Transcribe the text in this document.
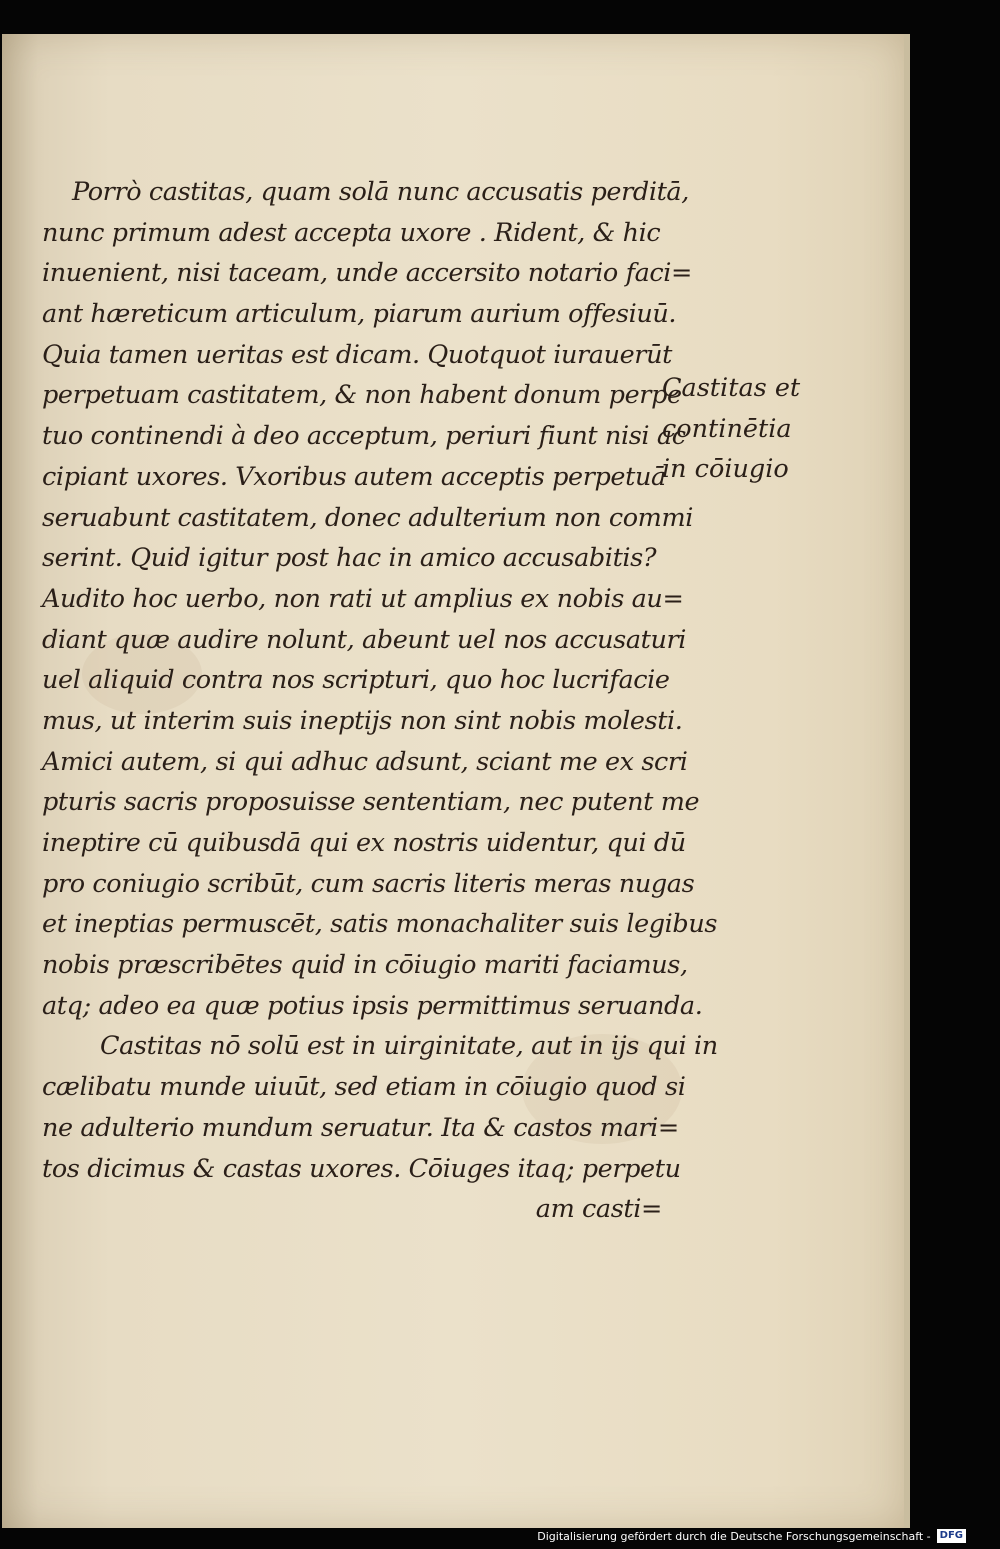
Porrò castitas, quam solā nunc accusatis perditā,
nunc primum adest accepta uxore . Rident, & hic
inuenient, nisi taceam, unde accersito notario faci=
ant hæreticum articulum, piarum aurium offesiuū.
Quia tamen ueritas est dicam. Quotquot iurauerūt
perpetuam castitatem, & non habent donum perpe
tuo continendi à deo acceptum, periuri fiunt nisi ac
cipiant uxores. Vxoribus autem acceptis perpetuā
seruabunt castitatem, donec adulterium non commi
serint. Quid igitur post hac in amico accusabitis?
Audito hoc uerbo, non rati ut amplius ex nobis au=
diant quæ audire nolunt, abeunt uel nos accusaturi
uel aliquid contra nos scripturi, quo hoc lucrifacie
mus, ut interim suis ineptijs non sint nobis molesti.
Amici autem, si qui adhuc adsunt, sciant me ex scri
pturis sacris proposuisse sententiam, nec putent me
ineptire cū quibusdā qui ex nostris uidentur, qui dū
pro coniugio scribūt, cum sacris literis meras nugas
et ineptias permuscēt, satis monachaliter suis legibus
nobis præscribētes quid in cōiugio mariti faciamus,
atq; adeo ea quæ potius ipsis permittimus seruanda.
Castitas nō solū est in uirginitate, aut in ijs qui in
cælibatu munde uiuūt, sed etiam in cōiugio quod si
ne adulterio mundum seruatur. Ita & castos mari=
tos dicimus & castas uxores. Cōiuges itaq; perpetu
am casti=
Castitas et
continētia
in cōiugio
Digitalisierung gefördert durch die Deutsche Forschungsgemeinschaft - DFG
